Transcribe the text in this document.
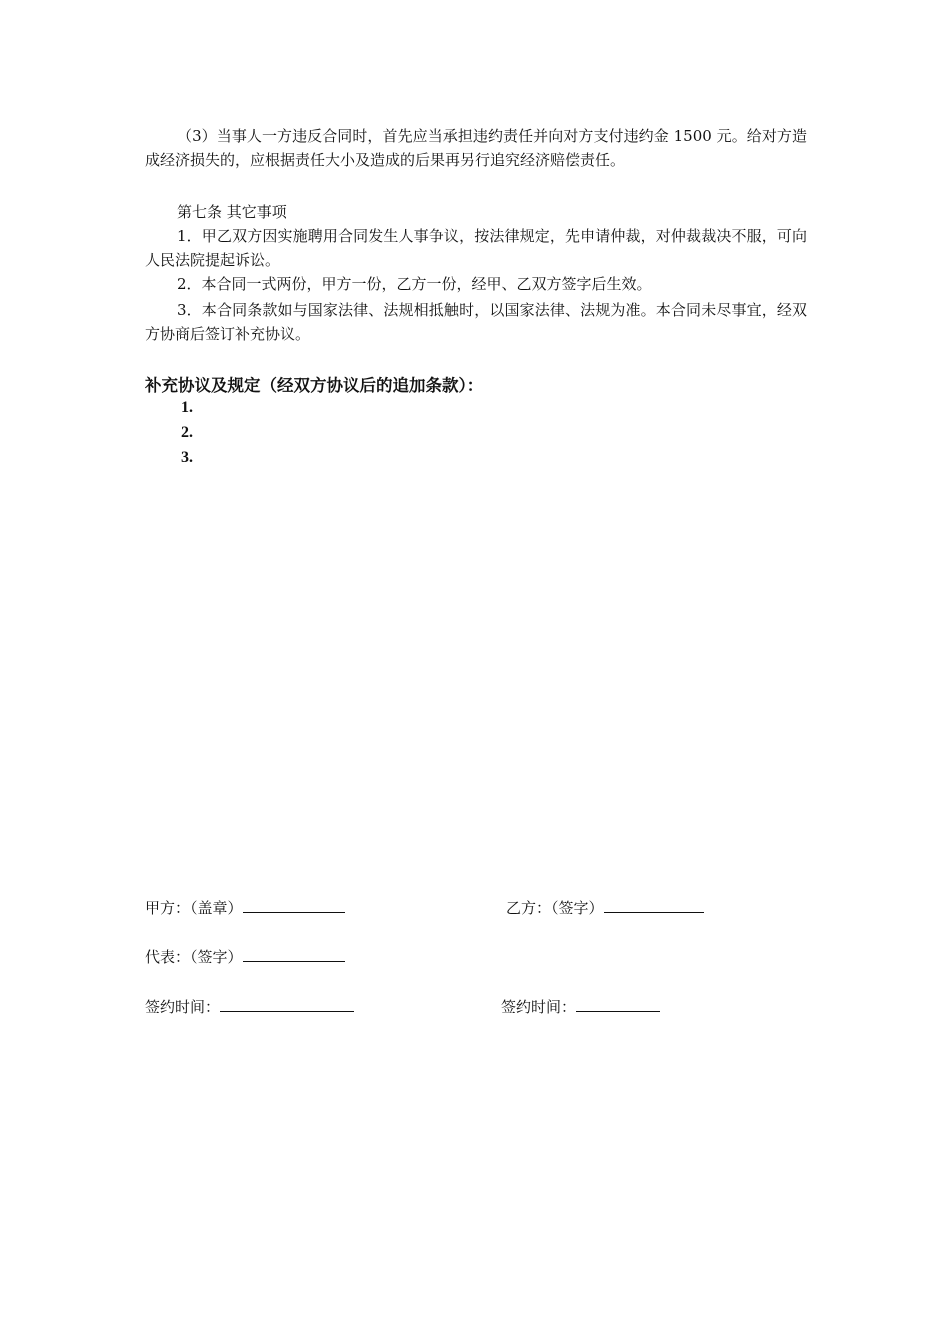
（3）当事人一方违反合同时，首先应当承担违约责任并向对方支付违约金 1500 元。给对方造成经济损失的，应根据责任大小及造成的后果再另行追究经济赔偿责任。
第七条 其它事项
1．甲乙双方因实施聘用合同发生人事争议，按法律规定，先申请仲裁，对仲裁裁决不服，可向人民法院提起诉讼。
2．本合同一式两份，甲方一份，乙方一份，经甲、乙双方签字后生效。
3．本合同条款如与国家法律、法规相抵触时，以国家法律、法规为准。本合同未尽事宜，经双方协商后签订补充协议。
补充协议及规定（经双方协议后的追加条款）：
1.
2.
3.
甲方：（盖章）	乙方：（签字）
代表：（签字）
签约时间：	签约时间：
